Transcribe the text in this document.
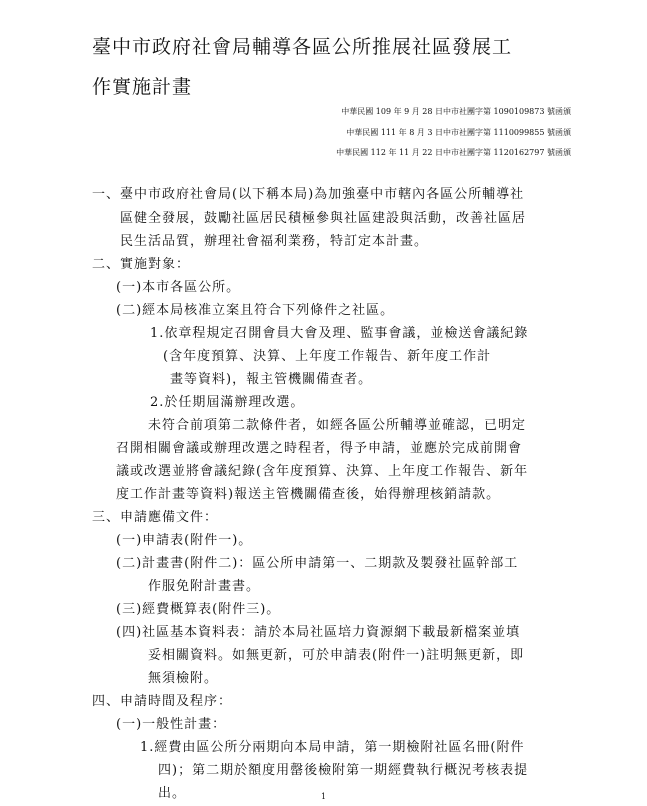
臺中市政府社會局輔導各區公所推展社區發展工
作實施計畫
中華民國 109 年 9 月 28 日中市社團字第 1090109873 號函頒
中華民國 111 年 8 月 3 日中市社團字第 1110099855 號函頒
中華民國 112 年 11 月 22 日中市社團字第 1120162797 號函頒
一、臺中市政府社會局(以下稱本局)為加強臺中市轄內各區公所輔導社
區健全發展，鼓勵社區居民積極參與社區建設與活動，改善社區居
民生活品質，辦理社會福利業務，特訂定本計畫。
二、實施對象：
(一)本市各區公所。
(二)經本局核准立案且符合下列條件之社區。
1.依章程規定召開會員大會及理、監事會議，並檢送會議紀錄
(含年度預算、決算、上年度工作報告、新年度工作計
畫等資料)，報主管機關備查者。
2.於任期屆滿辦理改選。
未符合前項第二款條件者，如經各區公所輔導並確認，已明定
召開相關會議或辦理改選之時程者，得予申請，並應於完成前開會
議或改選並將會議紀錄(含年度預算、決算、上年度工作報告、新年
度工作計畫等資料)報送主管機關備查後，始得辦理核銷請款。
三、申請應備文件：
(一)申請表(附件一)。
(二)計畫書(附件二)：區公所申請第一、二期款及製發社區幹部工
作服免附計畫書。
(三)經費概算表(附件三)。
(四)社區基本資料表：請於本局社區培力資源網下載最新檔案並填
妥相關資料。如無更新，可於申請表(附件一)註明無更新，即
無須檢附。
四、申請時間及程序：
(一)一般性計畫：
1.經費由區公所分兩期向本局申請，第一期檢附社區名冊(附件
四)；第二期於額度用罄後檢附第一期經費執行概況考核表提
出。	1
